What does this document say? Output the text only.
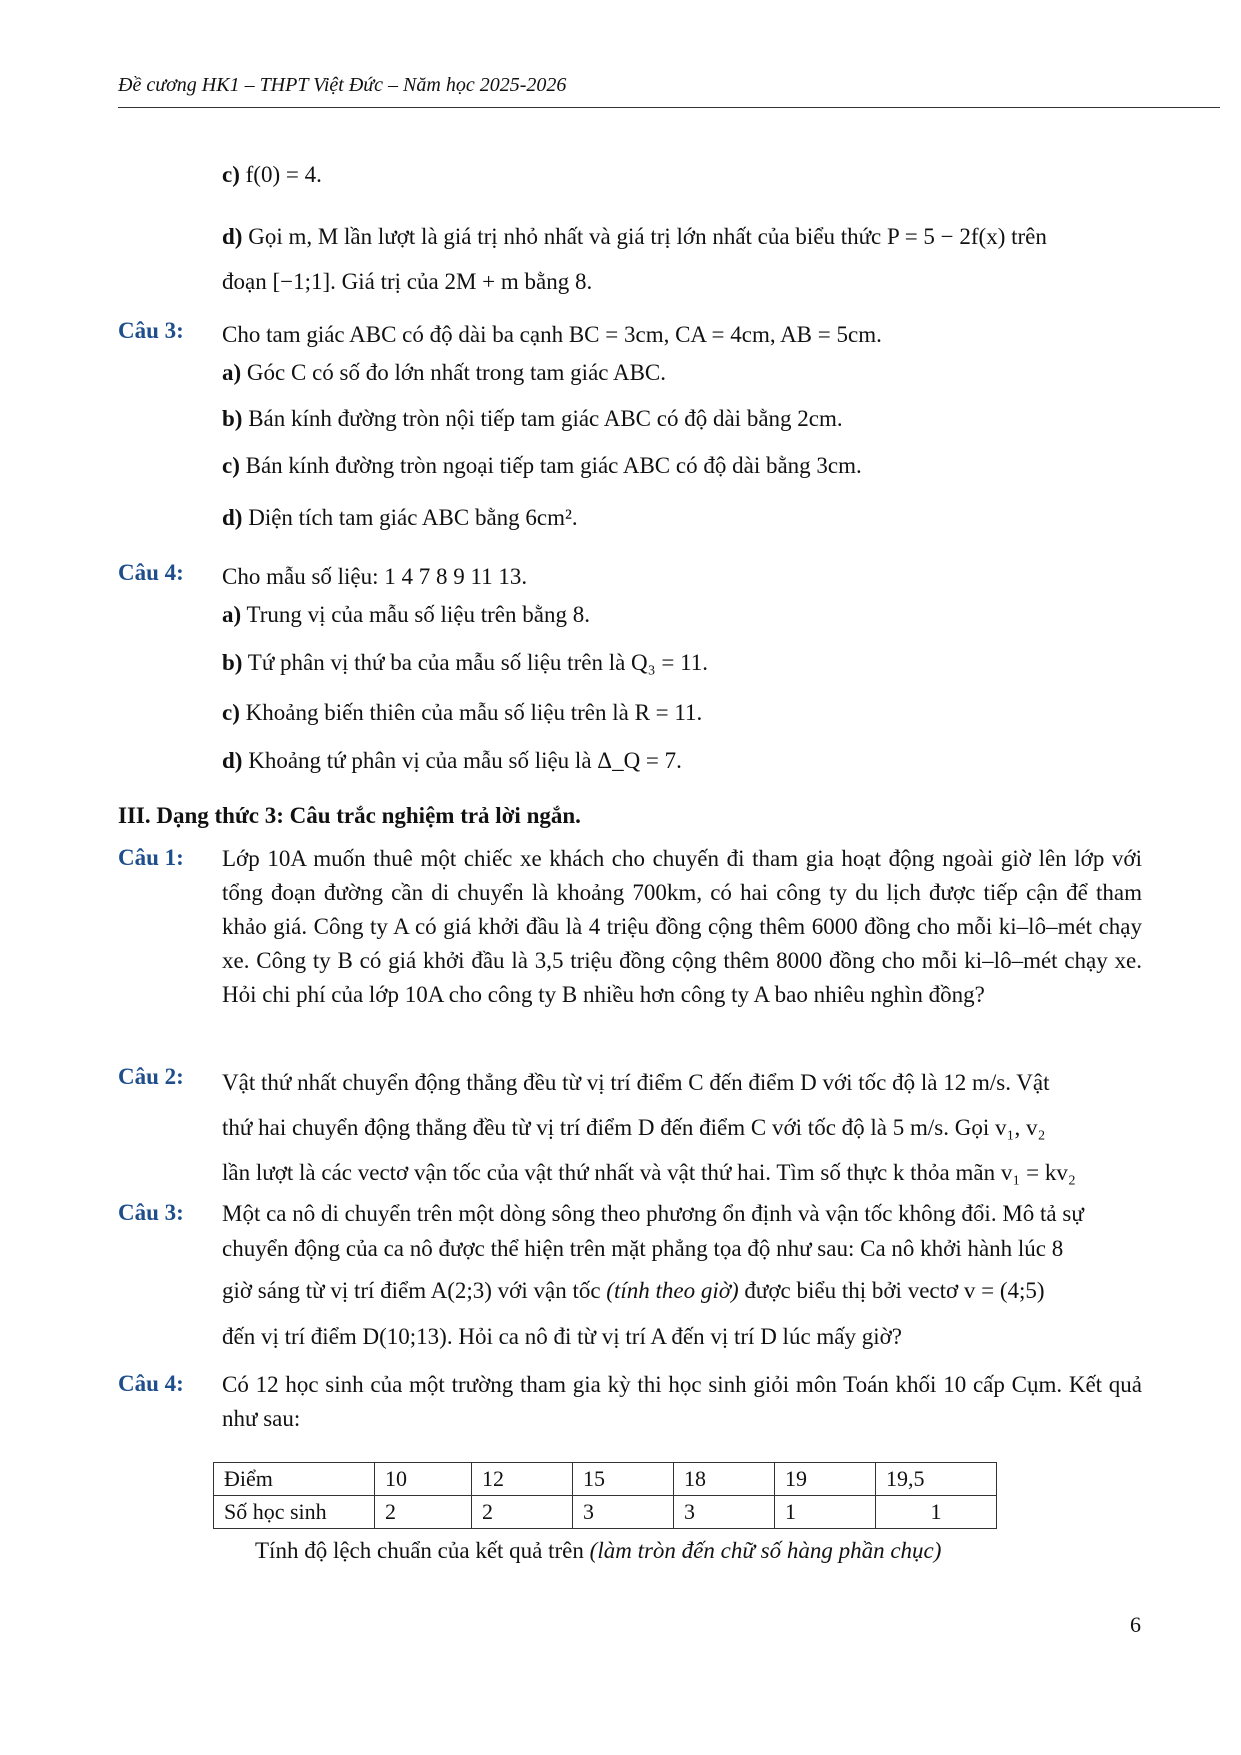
Đề cương HK1 – THPT Việt Đức – Năm học 2025-2026
c) f(0) = 4.
d) Gọi m, M lần lượt là giá trị nhỏ nhất và giá trị lớn nhất của biểu thức P = 5 − 2f(x) trên
đoạn [−1;1]. Giá trị của 2M + m bằng 8.
Câu 3: Cho tam giác ABC có độ dài ba cạnh BC = 3cm, CA = 4cm, AB = 5cm.
a) Góc C có số đo lớn nhất trong tam giác ABC.
b) Bán kính đường tròn nội tiếp tam giác ABC có độ dài bằng 2cm.
c) Bán kính đường tròn ngoại tiếp tam giác ABC có độ dài bằng 3cm.
d) Diện tích tam giác ABC bằng 6cm².
Câu 4: Cho mẫu số liệu: 1 4 7 8 9 11 13.
a) Trung vị của mẫu số liệu trên bằng 8.
b) Tứ phân vị thứ ba của mẫu số liệu trên là Q₃ = 11.
c) Khoảng biến thiên của mẫu số liệu trên là R = 11.
d) Khoảng tứ phân vị của mẫu số liệu là Δ_Q = 7.
III. Dạng thức 3: Câu trắc nghiệm trả lời ngắn.
Câu 1: Lớp 10A muốn thuê một chiếc xe khách cho chuyến đi tham gia hoạt động ngoài giờ lên lớp với tổng đoạn đường cần di chuyển là khoảng 700km, có hai công ty du lịch được tiếp cận để tham khảo giá. Công ty A có giá khởi đầu là 4 triệu đồng cộng thêm 6000 đồng cho mỗi ki–lô–mét chạy xe. Công ty B có giá khởi đầu là 3,5 triệu đồng cộng thêm 8000 đồng cho mỗi ki–lô–mét chạy xe. Hỏi chi phí của lớp 10A cho công ty B nhiều hơn công ty A bao nhiêu nghìn đồng?
Câu 2: Vật thứ nhất chuyển động thẳng đều từ vị trí điểm C đến điểm D với tốc độ là 12 m/s. Vật
thứ hai chuyển động thẳng đều từ vị trí điểm D đến điểm C với tốc độ là 5 m/s. Gọi v₁, v₂
lần lượt là các vectơ vận tốc của vật thứ nhất và vật thứ hai. Tìm số thực k thỏa mãn v₁ = kv₂
Câu 3: Một ca nô di chuyển trên một dòng sông theo phương ổn định và vận tốc không đổi. Mô tả sự
chuyển động của ca nô được thể hiện trên mặt phẳng tọa độ như sau: Ca nô khởi hành lúc 8
giờ sáng từ vị trí điểm A(2;3) với vận tốc (tính theo giờ) được biểu thị bởi vectơ v = (4;5)
đến vị trí điểm D(10;13). Hỏi ca nô đi từ vị trí A đến vị trí D lúc mấy giờ?
Câu 4: Có 12 học sinh của một trường tham gia kỳ thi học sinh giỏi môn Toán khối 10 cấp Cụm. Kết quả như sau:
Điểm	10	12	15	18	19	19,5
Số học sinh	2	2	3	3	1	1
Tính độ lệch chuẩn của kết quả trên (làm tròn đến chữ số hàng phần chục)
6
